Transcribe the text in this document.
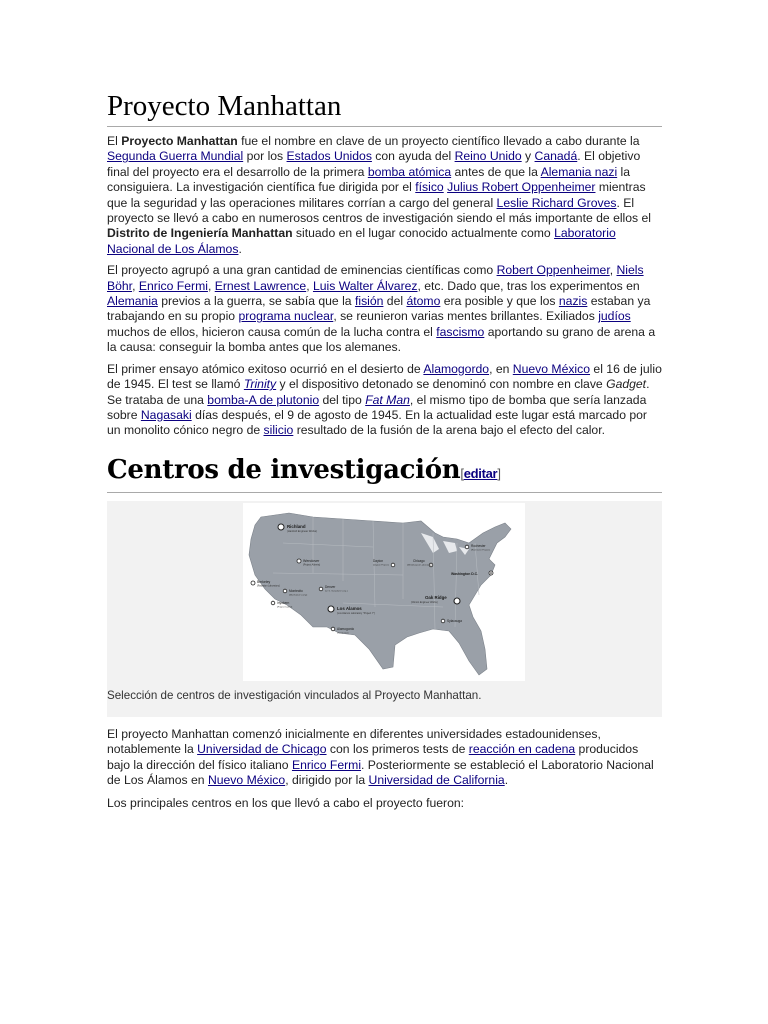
Proyecto Manhattan

El Proyecto Manhattan fue el nombre en clave de un proyecto científico llevado a cabo durante la Segunda Guerra Mundial por los Estados Unidos con ayuda del Reino Unido y Canadá. El objetivo final del proyecto era el desarrollo de la primera bomba atómica antes de que la Alemania nazi la consiguiera. La investigación científica fue dirigida por el físico Julius Robert Oppenheimer mientras que la seguridad y las operaciones militares corrían a cargo del general Leslie Richard Groves. El proyecto se llevó a cabo en numerosos centros de investigación siendo el más importante de ellos el Distrito de Ingeniería Manhattan situado en el lugar conocido actualmente como Laboratorio Nacional de Los Álamos.

El proyecto agrupó a una gran cantidad de eminencias científicas como Robert Oppenheimer, Niels Böhr, Enrico Fermi, Ernest Lawrence, Luis Walter Álvarez, etc. Dado que, tras los experimentos en Alemania previos a la guerra, se sabía que la fisión del átomo era posible y que los nazis estaban ya trabajando en su propio programa nuclear, se reunieron varias mentes brillantes. Exiliados judíos muchos de ellos, hicieron causa común de la lucha contra el fascismo aportando su grano de arena a la causa: conseguir la bomba antes que los alemanes.

El primer ensayo atómico exitoso ocurrió en el desierto de Alamogordo, en Nuevo México el 16 de julio de 1945. El test se llamó Trinity y el dispositivo detonado se denominó con nombre en clave Gadget. Se trataba de una bomba-A de plutonio del tipo Fat Man, el mismo tipo de bomba que sería lanzada sobre Nagasaki días después, el 9 de agosto de 1945. En la actualidad este lugar está marcado por un monolito cónico negro de silicio resultado de la fusión de la arena bajo el efecto del calor.

Centros de investigación[editar]
Richland
(Hanford Engineer Works)
Wendover
(Project Alberta)
Berkeley
(Radiation Laboratory)
Montecito
(Manhattan Camp)
Inyokern
(Project Camel)
Denver
(U. S. Vanadium Corp.)
Los Alamos
(Los Alamos Laboratory "Project Y")
Alamogordo
(Trinity test)
Dayton
(Dayton Project)
Chicago
(Metallurgical Laboratory)
Rochester
(Rochester Project)
Washington D.C.
Oak Ridge
(Clinton Engineer Works)
Sylacauga
Selección de centros de investigación vinculados al Proyecto Manhattan.

El proyecto Manhattan comenzó inicialmente en diferentes universidades estadounidenses, notablemente la Universidad de Chicago con los primeros tests de reacción en cadena producidos bajo la dirección del físico italiano Enrico Fermi. Posteriormente se estableció el Laboratorio Nacional de Los Álamos en Nuevo México, dirigido por la Universidad de California.

Los principales centros en los que llevó a cabo el proyecto fueron:
